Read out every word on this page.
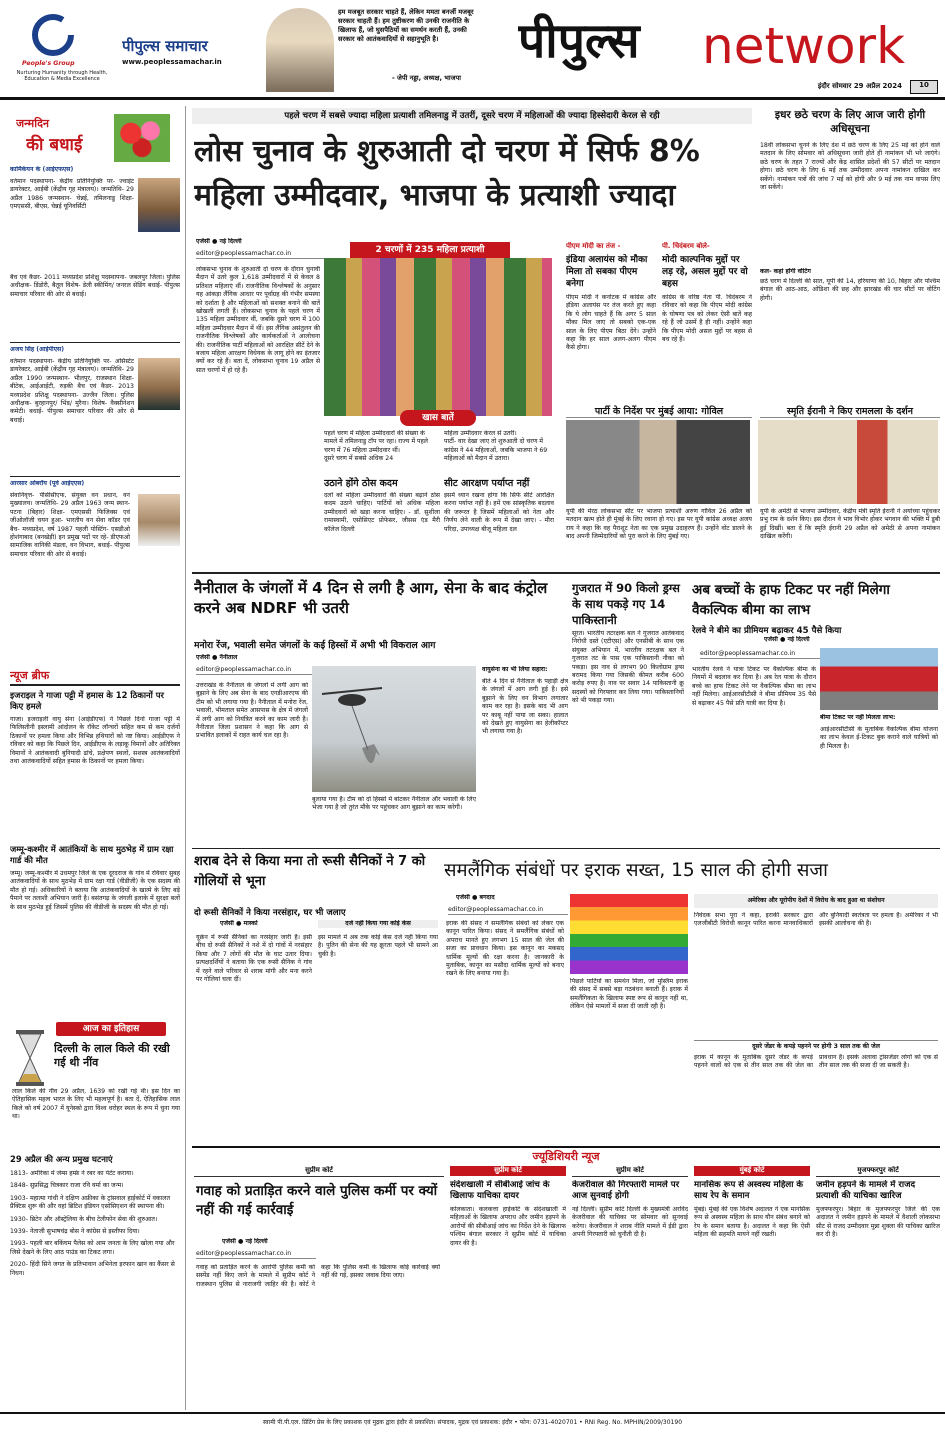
People's Group
Nurturing Humanity through Health, Education & Media Excellence
पीपुल्स समाचार
www.peoplessamachar.in
हम मजबूत सरकार चाहते हैं, लेकिन ममता बनर्जी मजबूर सरकार चाहती हैं। हम तुष्टीकरण की उनकी राजनीति के खिलाफ हैं, जो घुसपैठियों का समर्थन करती हैं, उनकी सरकार को आतंकवादियों से सहानुभूति है।
- जेपी नड्डा, अध्यक्ष, भाजपा
पीपुल्स	network
इंदौर सोमवार 29 अप्रैल 2024	10
जन्मदिन
की बधाई
कार्मिकेयन के (आईएफएस)
वर्तमान पदस्थापना- केंद्रीय प्रतिनियुक्ति पर- ज्वाइंट डायरेक्टर, आईबी (केंद्रीय गृह मंत्रालय)। जन्मतिथि- 29 अप्रैल 1986 जन्मस्थान- चेन्नई, तमिलनाडु शिक्षा- एमएससी, बीएस, चेन्नई यूनिवर्सिटी
बैच एवं कैडर- 2011 मध्यप्रदेश प्रशिक्षु पदस्थापना- जबलपुर जिला। पुलिस अधीक्षक- डिंडोरी, बैतूल विशेष- डेली स्कीमिंग/ जनरल सेडिंग बधाई- पीपुल्स समाचार परिवार की ओर से बधाई।
अजय सिंह (आईपीएस)
वर्तमान पदस्थापना- केंद्रीय प्रतिनियुक्ति पर- असिस्टेंट डायरेक्टर, आईबी (केंद्रीय गृह मंत्रालय)। जन्मतिथि- 29 अप्रैल 1990 जन्मस्थान- भीलपुर, राजस्थान शिक्षा- बीटेक, आईआईटी, रुड़की बैच एवं कैडर- 2013 मध्यप्रदेश प्रशिक्षु पदस्थापना- उज्जैन जिला। पुलिस अधीक्षक- बुरहानपुर/ भिंड/ मुरैना। विशेष- वैक्सीनेशन कमेटी। बधाई- पीपुल्स समाचार परिवार की ओर से बधाई।
आरसार ओबरॉय (पूर्व आईएएस)
सेवानिवृत्त- पीसीसीएफ, संयुक्त वन प्रधान, वन मुख्यालय। जन्मतिथि- 29 अप्रैल 1963 जन्म स्थान- पटना (बिहार) शिक्षा- एमएससी फिजिक्स एवं जीओलॉजी चयन हुआ- भारतीय वन सेवा कॉडर एवं बैच- मध्यप्रदेश, वर्ष 1987 पहली पोस्टिंग- एसडीओ होशंगाबाद (बनखेड़ी) इन प्रमुख पदों पर रहे- डीएफओ सामाजिक वानिकी मंडला, वन विभाग, बधाई- पीपुल्स समाचार परिवार की ओर से बधाई।
न्यूज ब्रीफ
इजराइल ने गाजा पट्टी में हमास के 12 ठिकानों पर किए हमले
गाजा। इजराइली वायु सेना (आईडीएफ) ने पिछले दिनों गाजा पट्टी में फिलिस्तीनी इस्लामी आंदोलन के रॉकेट लॉन्चरों सहित कम से कम दर्जनों ठिकानों पर हमला किया और विभिन्न हथियारों को नष्ट किया। आईडीएफ ने रविवार को कहा कि पिछले दिन, आईडीएफ के लड़ाकू विमानों और अतिरिक्त विमानों ने आतंकवादी बुनियादी ढांचे, प्रक्षेपण स्थलों, सशस्त्र आतंकवादियों तथा आतंकवादियों सहित हमास के ठिकानों पर हमला किया।
जम्मू-कश्मीर में आतंकियों के साथ मुठभेड़ में ग्राम रक्षा गार्ड की मौत
जम्मू। जम्मू-कश्मीर में उधमपुर जिले के एक दूरदराज के गांव में रविवार सुबह आतंकवादियों के साथ मुठभेड़ में ग्राम रक्षा गार्ड (वीडीजी) के एक सदस्य की मौत हो गई। अधिकारियों ने बताया कि आतंकवादियों के खात्मे के लिए बड़े पैमाने पर तलाशी अभियान जारी है। बसंतगढ़ के जंगली इलाके में सुरक्षा बलों के साथ मुठभेड़ हुई जिसमें पुलिस की वीडीजी के सदस्य की मौत हो गई।
आज का इतिहास
दिल्ली के लाल किले की रखी गई थी नींव
लाल किले की नींव 29 अप्रैल, 1639 को रखी गई थी। इस दिन का ऐतिहासिक महत्व भारत के लिए भी महत्वपूर्ण है। बता दें, ऐतिहासिक लाल किले को वर्ष 2007 में यूनेस्को द्वारा विश्व धरोहर स्थल के रूप में चुना गया था।
29 अप्रैल की अन्य प्रमुख घटनाएं
1813- अमेरिका में जेम्स हम्फ्रे ने रबर का पेटेंट कराया।
1848- सुप्रसिद्ध चित्रकार राजा रवि वर्मा का जन्म।
1903- महात्मा गांधी ने दक्षिण अफ्रीका के ट्रांसवाल हाईकोर्ट में वकालत प्रैक्टिस शुरू की और वहां ब्रिटिश इंडियन एसोसिएशन की स्थापना की।
1930- ब्रिटेन और ऑस्ट्रेलिया के बीच टेलीफोन सेवा की शुरुआत।
1939- नेताजी सुभाषचंद्र बोस ने कांग्रेस से इस्तीफा दिया।
1993- पहली बार बकिंघम पैलेस को आम जनता के लिए खोला गया और जिसे देखने के लिए आठ पाउंड का टिकट लगा।
2020- हिंदी सिने जगत के प्रतिभावान अभिनेता इरफान खान का कैंसर से निधन।
पहले चरण में सबसे ज्यादा महिला प्रत्याशी तमिलनाडु में उतरीं, दूसरे चरण में महिलाओं की ज्यादा हिस्सेदारी केरल से रही
लोस चुनाव के शुरुआती दो चरण में सिर्फ 8% महिला उम्मीदवार, भाजपा के प्रत्याशी ज्यादा
एजेंसी ● नई दिल्ली
editor@peoplessamachar.co.in
लोकसभा चुनाव के शुरुआती दो चरण के दौरान चुनावी मैदान में उतरे कुल 1,618 उम्मीदवारों में से केवल 8 प्रतिशत महिलाएं थीं। राजनीतिक विश्लेषकों के अनुसार यह आंकड़ा लैंगिक आधार पर पूर्वाग्रह की गंभीर समस्या को दर्शाता है और महिलाओं को सशक्त बनाने की बातें खोखली लगती हैं। लोकसभा चुनाव के पहले चरण में 135 महिला उम्मीदवार थीं, जबकि दूसरे चरण में 100 महिला उम्मीदवार मैदान में थीं। इस लैंगिक असंतुलन की राजनीतिक विश्लेषकों और कार्यकर्ताओं ने आलोचना की। राजनीतिक पार्टी महिलाओं को आरक्षित सीटें देने के बजाय महिला आरक्षण विधेयक के लागू होने का इंतजार क्यों कर रहे हैं। बता दें, लोकसभा चुनाव 19 अप्रैल से सात चरणों में हो रहे हैं।
2 चरणों में 235 महिला प्रत्याशी
खास बातें
पहले चरण में महिला उम्मीदवारों की संख्या के मामले में तमिलनाडु टॉप पर रहा। राज्य में पहले चरण में 76 महिला उम्मीदवार थीं।
दूसरे चरण में सबसे अधिक 24
महिला उम्मीदवार केरल से उतरीं।
पार्टी- वार देखा जाए तो शुरुआती दो चरण में कांग्रेस ने 44 महिलाओं, जबकि भाजपा ने 69 महिलाओं को मैदान में उतारा।
उठाने होंगे ठोस कदम
दलों को महिला उम्मीदवारों की संख्या बढ़ाने ठोस कदम उठाने चाहिए। पार्टियों को अधिक महिला उम्मीदवारों को खड़ा करना चाहिए। - डॉ. सुशीला रामास्वामी, एसोसिएट प्रोफेसर, जीसस एंड मैरी कॉलेज दिल्ली
सीट आरक्षण पर्याप्त नहीं
इसमें ध्यान रखना होगा कि सिर्फ सीटें आरक्षित करना पर्याप्त नहीं है। हमें एक सांस्कृतिक बदलाव की जरूरत है जिसमें महिलाओं को नेता और निर्णय लेने वाली के रूप में देखा जाए। - मीरा परिदा, उपाध्यक्ष बीजू महिला दल
पीएम मोदी का तंज -
इंडिया अलायंस को मौका मिला तो सबका पीएम बनेगा
पीएम मोदी ने कर्नाटक में कांग्रेस और इंडिया अलायंस पर तंज करते हुए कहा कि ये लोग चाहते हैं कि अगर 5 साल मौका मिल जाए तो सबको एक-एक साल के लिए पीएम बिठा देंगे। उन्होंने कहा कि हर साल अलग-अलग पीएम कैसे होगा।
पी. चिदंबरम बोले-
मोदी काल्पनिक मुद्दों पर लड़ रहे, असल मुद्दों पर वो बहस
कांग्रेस के वरिष्ठ नेता पी. चिदंबरम ने रविवार को कहा कि पीएम मोदी कांग्रेस के घोषणा पत्र को लेकर ऐसी बातें कह रहे हैं जो उसमें है ही नहीं। उन्होंने कहा कि पीएम मोदी असल मुद्दों पर बहस से बच रहे हैं।
पार्टी के निर्देश पर मुंबई आया: गोविल
यूपी की मेरठ लोकसभा सीट पर भाजपा प्रत्याशी अरुण गोविल 26 अप्रैल को मतदान खत्म होते ही मुंबई के लिए रवाना हो गए। इस पर यूपी कांग्रेस अध्यक्ष अजय राय ने कहा कि वह पैराशूट नेता का एक प्रमुख उदाहरण हैं। उन्होंने वोट डालने के बाद अपनी जिम्मेदारियों को पूरा करने के लिए मुंबई गए।
इधर छठे चरण के लिए आज जारी होगी अधिसूचना
18वीं लोकसभा चुनने के लिए देश में छठे चरण के लिए 25 मई को होने वाले मतदान के लिए सोमवार को अधिसूचना जारी होते ही नामांकन भी भरे जाएंगे। छठे चरण के तहत 7 राज्यों और केंद्र शासित प्रदेशों की 57 सीटों पर मतदान होगा। छठे चरण के लिए 6 मई तक उम्मीदवार अपना नामांकन दाखिल कर सकेंगे। नामांकन पत्रों की जांच 7 मई को होगी और 9 मई तक नाम वापस लिए जा सकेंगे।
कल- कहां होंगी वोटिंग
छठे चरण में दिल्ली की सात, यूपी की 14, हरियाणा की 10, बिहार और पश्चिम बंगाल की आठ-आठ, ओडिशा की छह और झारखंड की चार सीटों पर वोटिंग होगी।
स्मृति ईरानी ने किए रामलला के दर्शन
यूपी के अमेठी से भाजपा उम्मीदवार, केंद्रीय मंत्री स्मृति ईरानी ने अयोध्या पहुंचकर प्रभु राम के दर्शन किए। इस दौरान वे भाव विभोर होकर भगवान की भक्ति में डूबी हुई दिखीं। बता दें कि स्मृति ईरानी 29 अप्रैल को अमेठी से अपना नामांकन दाखिल करेंगी।
नैनीताल के जंगलों में 4 दिन से लगी है आग, सेना के बाद कंट्रोल करने अब NDRF भी उतरी
मनोरा रेंज, भवाली समेत जंगलों के कई हिस्सों में अभी भी विकराल आग
एजेंसी ● नैनीताल
editor@peoplessamachar.co.in
उत्तराखंड के नैनीताल के जंगलों में लगी आग को बुझाने के लिए अब सेना के बाद एनडीआरएफ की टीम को भी लगाया गया है। नैनीताल में मनोरा रेंज, भवाली, भीमताल समेत आसपास के क्षेत्र में जंगलों में लगी आग को नियंत्रित करने का काम जारी है। नैनीताल जिला प्रशासन ने कहा कि आग से प्रभावित इलाकों में राहत कार्य चल रहा है।
बुलाया गया है। टीम को दो हिस्सों में बांटकर नैनीताल और भवाली के लिए भेजा गया है जो तुरंत मौके पर पहुंचकर आग बुझाने का काम करेगी।
वायुसेना का भी लिया सहारा:
बीते 4 दिन से नैनीताल के पहाड़ी क्षेत्र के जंगलों में आग लगी हुई है। इसे बुझाने के लिए वन विभाग लगातार काम कर रहा है। इसके बाद भी आग पर काबू नहीं पाया जा सका। हालात को देखते हुए वायुसेना का हेलीकॉप्टर भी लगाया गया है।
गुजरात में 90 किलो ड्रग्स के साथ पकड़े गए 14 पाकिस्तानी
सूरत। भारतीय तटरक्षक बल ने गुजरात आतंकवाद निरोधी दस्ते (एटीएस) और एनसीबी के साथ एक संयुक्त अभियान में, भारतीय तटरक्षक बल ने गुजरात तट के पास एक पाकिस्तानी नौका को पकड़ा। इस नाव से लगभग 90 किलोग्राम ड्रग्स बरामद किया गया जिसकी कीमत करीब 600 करोड़ रुपए है। नाव पर सवार 14 पाकिस्तानी क्रू सदस्यों को गिरफ्तार कर लिया गया। पाकिस्तानियों को भी पकड़ा गया।
अब बच्चों के हाफ टिकट पर नहीं मिलेगा वैकल्पिक बीमा का लाभ
रेलवे ने बीमे का प्रीमियम बढ़ाकर 45 पैसे किया
एजेंसी ● नई दिल्ली
editor@peoplessamachar.co.in
भारतीय रेलवे ने यात्रा टिकट पर वैकल्पिक बीमा के नियमों में बदलाव कर दिया है। अब रेल यात्रा के दौरान बच्चे का हाफ टिकट लेने पर वैकल्पिक बीमा का लाभ नहीं मिलेगा। आईआरसीटीसी ने बीमा प्रीमियम 35 पैसे से बढ़ाकर 45 पैसे प्रति यात्री कर दिया है।
बीमा टिकट पर नहीं मिलता लाभ:
आईआरसीटीसी के मुताबिक वैकल्पिक बीमा योजना का लाभ केवल ई-टिकट बुक कराने वाले यात्रियों को ही मिलता है।
शराब देने से किया मना तो रूसी सैनिकों ने 7 को गोलियों से भूना
दो रूसी सैनिकों ने किया नरसंहार, घर भी जलाए
एजेंसी ● मास्को
यूक्रेन में रूसी सैनिकों का नरसंहार जारी है। इसी बीच दो रूसी सैनिकों ने नशे में दो गांवों में नरसंहार किया और 7 लोगों की मौत के घाट उतार दिया। प्रत्यक्षदर्शियों ने बताया कि एक रूसी सैनिक ने गांव में रहने वाले परिवार से शराब मांगी और मना करने पर गोलियां चला दीं।
दर्ज नहीं किया गया कोई केस
इस मामले में अब तक कोई केस दर्ज नहीं किया गया है। पुतिन की सेना की यह क्रूरता पहले भी सामने आ चुकी है।
समलैंगिक संबंधों पर इराक सख्त, 15 साल की होगी सजा
एजेंसी ● बगदाद
editor@peoplessamachar.co.in
इराक की संसद ने समलैंगिक संबंधों को लेकर एक कानून पारित किया। संसद ने समलैंगिक संबंधों को अपराध मानते हुए लगभग 15 साल की जेल की सजा का प्रावधान किया। इस कानून का मकसद धार्मिक मूल्यों की रक्षा करना है। जानकारी के मुताबिक, कानून का मसौदा धार्मिक मूल्यों को बनाए रखने के लिए बनाया गया है।
पिछले पार्टियों का समर्थन मिला, जो मुस्लिम इराक की संसद में सबसे बड़ा गठबंधन बनाती हैं। इराक में समलैंगिकता के खिलाफ स्पष्ट रूप से कानून नहीं था, लेकिन ऐसे मामलों में सजा दी जाती रही है।
अमेरिका और यूरोपीय देशों में विरोध के बाद हुआ था संशोधन
निवेदक सभा पूरा ने कहा, इराकी सरकार द्वारा एलजीबीटी विरोधी कानून पारित करना मानवाधिकारों और बुनियादी स्वतंत्रता पर हमला है। अमेरिका ने भी इसकी आलोचना की है।
दूसरे जेंडर के कपड़े पहनने पर होगी 3 साल तक की जेल
इराक में कानून के मुताबिक दूसरे जेंडर के कपड़े पहनने वालों को एक से तीन साल तक की जेल का प्रावधान है। इसके अलावा ट्रांसजेंडर लोगों को एक से तीन साल तक की सजा दी जा सकती है।
ज्यूडिशियरी न्यूज
सुप्रीम कोर्ट
गवाह को प्रताड़ित करने वाले पुलिस कर्मी पर क्यों नहीं की गई कार्रवाई
एजेंसी ● नई दिल्ली
editor@peoplessamachar.co.in
गवाह को प्रताड़ित करने के आरोपी पुलिस कर्मी को सस्पेंड नहीं किए जाने के मामले में सुप्रीम कोर्ट ने राजस्थान पुलिस से नाराजगी जाहिर की है। कोर्ट ने कहा कि पुलिस कर्मी के खिलाफ कोई कार्रवाई क्यों नहीं की गई, इसका जवाब दिया जाए।
सुप्रीम कोर्ट
संदेशखाली में सीबीआई जांच के खिलाफ याचिका दायर
कोलकाता। कलकत्ता हाईकोर्ट के संदेशखाली में महिलाओं के खिलाफ अपराध और जमीन हड़पने के आरोपों की सीबीआई जांच का निर्देश देने के खिलाफ पश्चिम बंगाल सरकार ने सुप्रीम कोर्ट में याचिका दायर की है।
सुप्रीम कोर्ट
केजरीवाल की गिरफ्तारी मामले पर आज सुनवाई होगी
नई दिल्ली। सुप्रीम कोर्ट दिल्ली के मुख्यमंत्री अरविंद केजरीवाल की याचिका पर सोमवार को सुनवाई करेगा। केजरीवाल ने शराब नीति मामले में ईडी द्वारा अपनी गिरफ्तारी को चुनौती दी है।
मुंबई कोर्ट
मानसिक रूप से अस्वस्थ महिला के साथ रेप के समान
मुंबई। मुंबई की एक विशेष अदालत ने एक मानसिक रूप से अस्वस्थ महिला के साथ यौन संबंध बनाने को रेप के समान बताया है। अदालत ने कहा कि ऐसी महिला की सहमति मायने नहीं रखती।
मुजफ्फरपुर कोर्ट
जमीन हड़पने के मामले में राजद प्रत्याशी की याचिका खारिज
मुजफ्फरपुर। बिहार के मुजफ्फरपुर जिले की एक अदालत ने जमीन हड़पने के मामले में वैशाली लोकसभा सीट से राजद उम्मीदवार मुन्ना शुक्ला की याचिका खारिज कर दी है।
स्वामी पी.पी.एल. प्रिंटिंग प्रेस के लिए प्रकाशक एवं मुद्रक द्वारा इंदौर से प्रकाशित। संपादक, मुद्रक एवं प्रकाशक: इंदौर • फोन: 0731-4020701 • RNI Reg. No. MPHIN/2009/30190
